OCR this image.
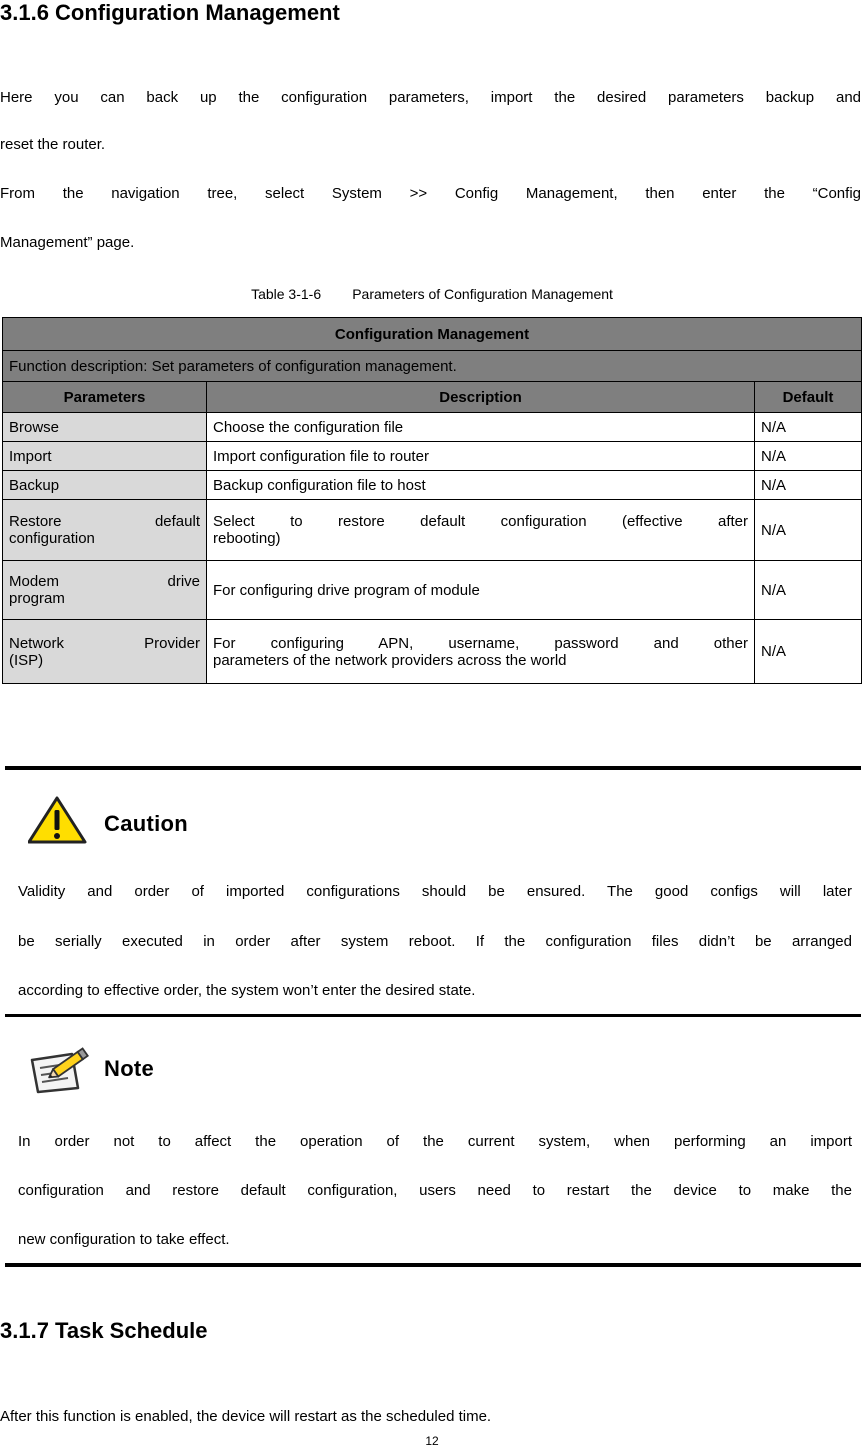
3.1.6 Configuration Management
Here you can back up the configuration parameters, import the desired parameters backup and
reset the router.
From  the  navigation  tree,  select  System  >>  Config  Management,  then  enter  the  “Config
Management” page.
Table 3-1-6        Parameters of Configuration Management
Configuration Management		
Function description: Set parameters of configuration management.		
Parameters	Description	Default
Browse	Choose the configuration file	N/A
Import	Import configuration file to router	N/A
Backup	Backup configuration file to host	N/A

Restore default
configuration	Select to restore default configuration (effective after
rebooting)	N/A

Modem drive
program	For configuring drive program of module	N/A

Network Provider
(ISP)	For configuring APN, username, password and other
parameters of the network providers across the world	N/A
Caution
Validity and order of imported configurations should be ensured. The good configs will later
be serially executed in order after system reboot. If the configuration files didn’t be arranged
according to effective order, the system won’t enter the desired state.
Note
In  order  not  to  affect  the  operation  of  the  current  system,  when  performing  an  import
configuration and restore default configuration, users need to restart the device to make the
new configuration to take effect.
3.1.7 Task Schedule
After this function is enabled, the device will restart as the scheduled time.
12
